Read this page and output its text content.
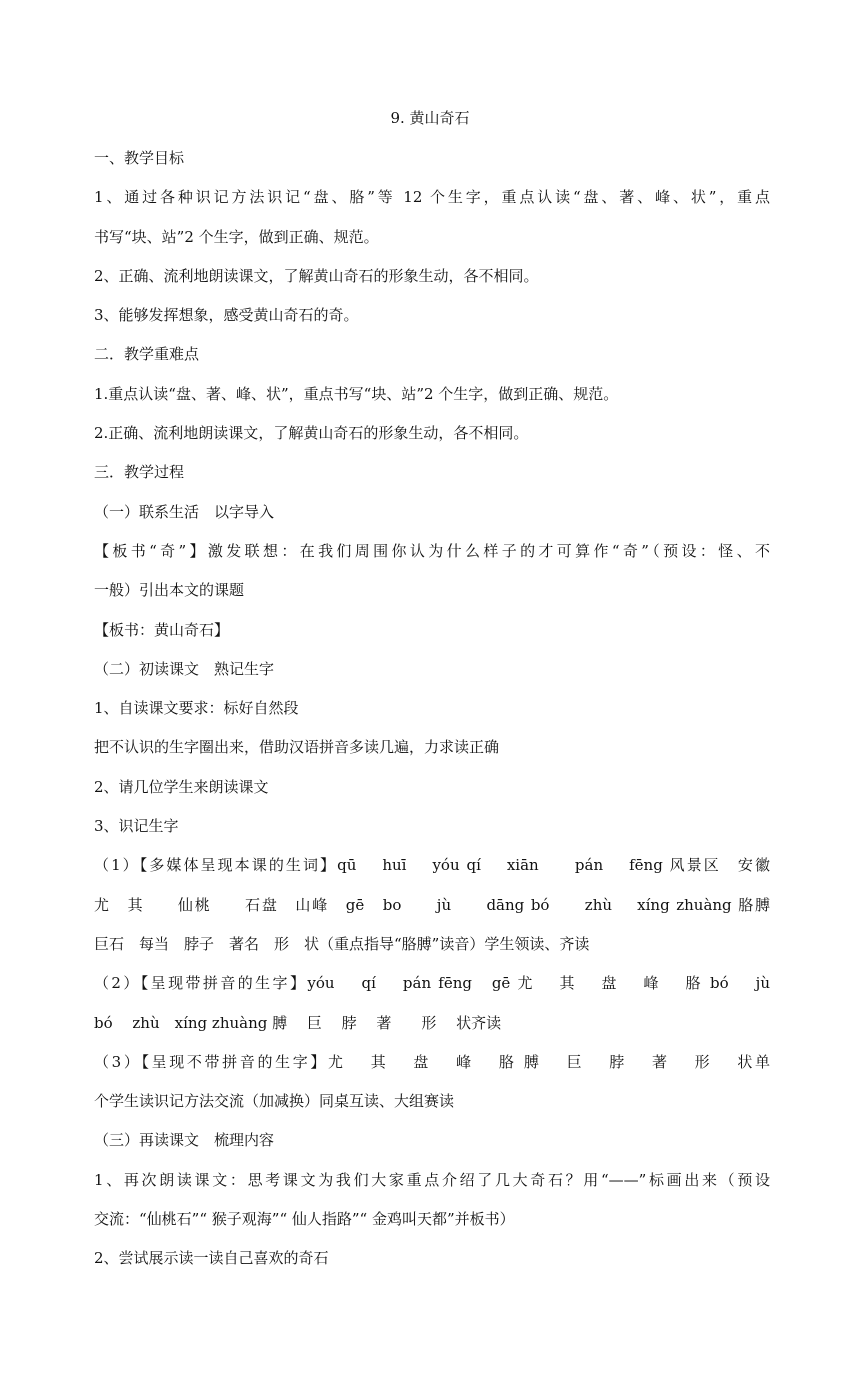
9. 黄山奇石
一、教学目标
1、通过各种识记方法识记“盘、胳”等 12 个生字，重点认读“盘、著、峰、状”，重点
书写“块、站”2 个生字，做到正确、规范。
2、正确、流利地朗读课文，了解黄山奇石的形象生动，各不相同。
3、能够发挥想象，感受黄山奇石的奇。
二．教学重难点
1.重点认读“盘、著、峰、状”，重点书写“块、站”2 个生字，做到正确、规范。
2.正确、流利地朗读课文，了解黄山奇石的形象生动，各不相同。
三．教学过程
（一）联系生活　以字导入
【板书“奇”】激发联想：在我们周围你认为什么样子的才可算作“奇”（预设：怪、不
一般）引出本文的课题
【板书：黄山奇石】
（二）初读课文　熟记生字
1、自读课文要求：标好自然段
把不认识的生字圈出来，借助汉语拼音多读几遍，力求读正确
2、请几位学生来朗读课文
3、识记生字
（1）【多媒体呈现本课的生词】qū　 huī　 yóu qí　 xiān　　pán　 fēng 风景区　安徽
尤　其　　仙桃　　石盘　山峰　gē　bo　　jù　　dāng bó　　zhù　 xíng zhuàng 胳膊
巨石　每当　脖子　著名　形　状（重点指导“胳膊”读音）学生领读、齐读
（2）【呈现带拼音的生字】yóu　 qí　 pán fēng　gē 尤　 其　 盘　 峰　 胳 bó　 jù
bó　 zhù　xíng zhuàng 膊　 巨　 脖　 著　　形　 状齐读
（3）【呈现不带拼音的生字】尤　 其　 盘　 峰　 胳 膊　 巨　 脖　 著　 形　 状单
个学生读识记方法交流（加减换）同桌互读、大组赛读
（三）再读课文　梳理内容
1、再次朗读课文：思考课文为我们大家重点介绍了几大奇石？用“——”标画出来（预设
交流：“仙桃石”“ 猴子观海”“ 仙人指路”“ 金鸡叫天都”并板书）
2、尝试展示读一读自己喜欢的奇石
